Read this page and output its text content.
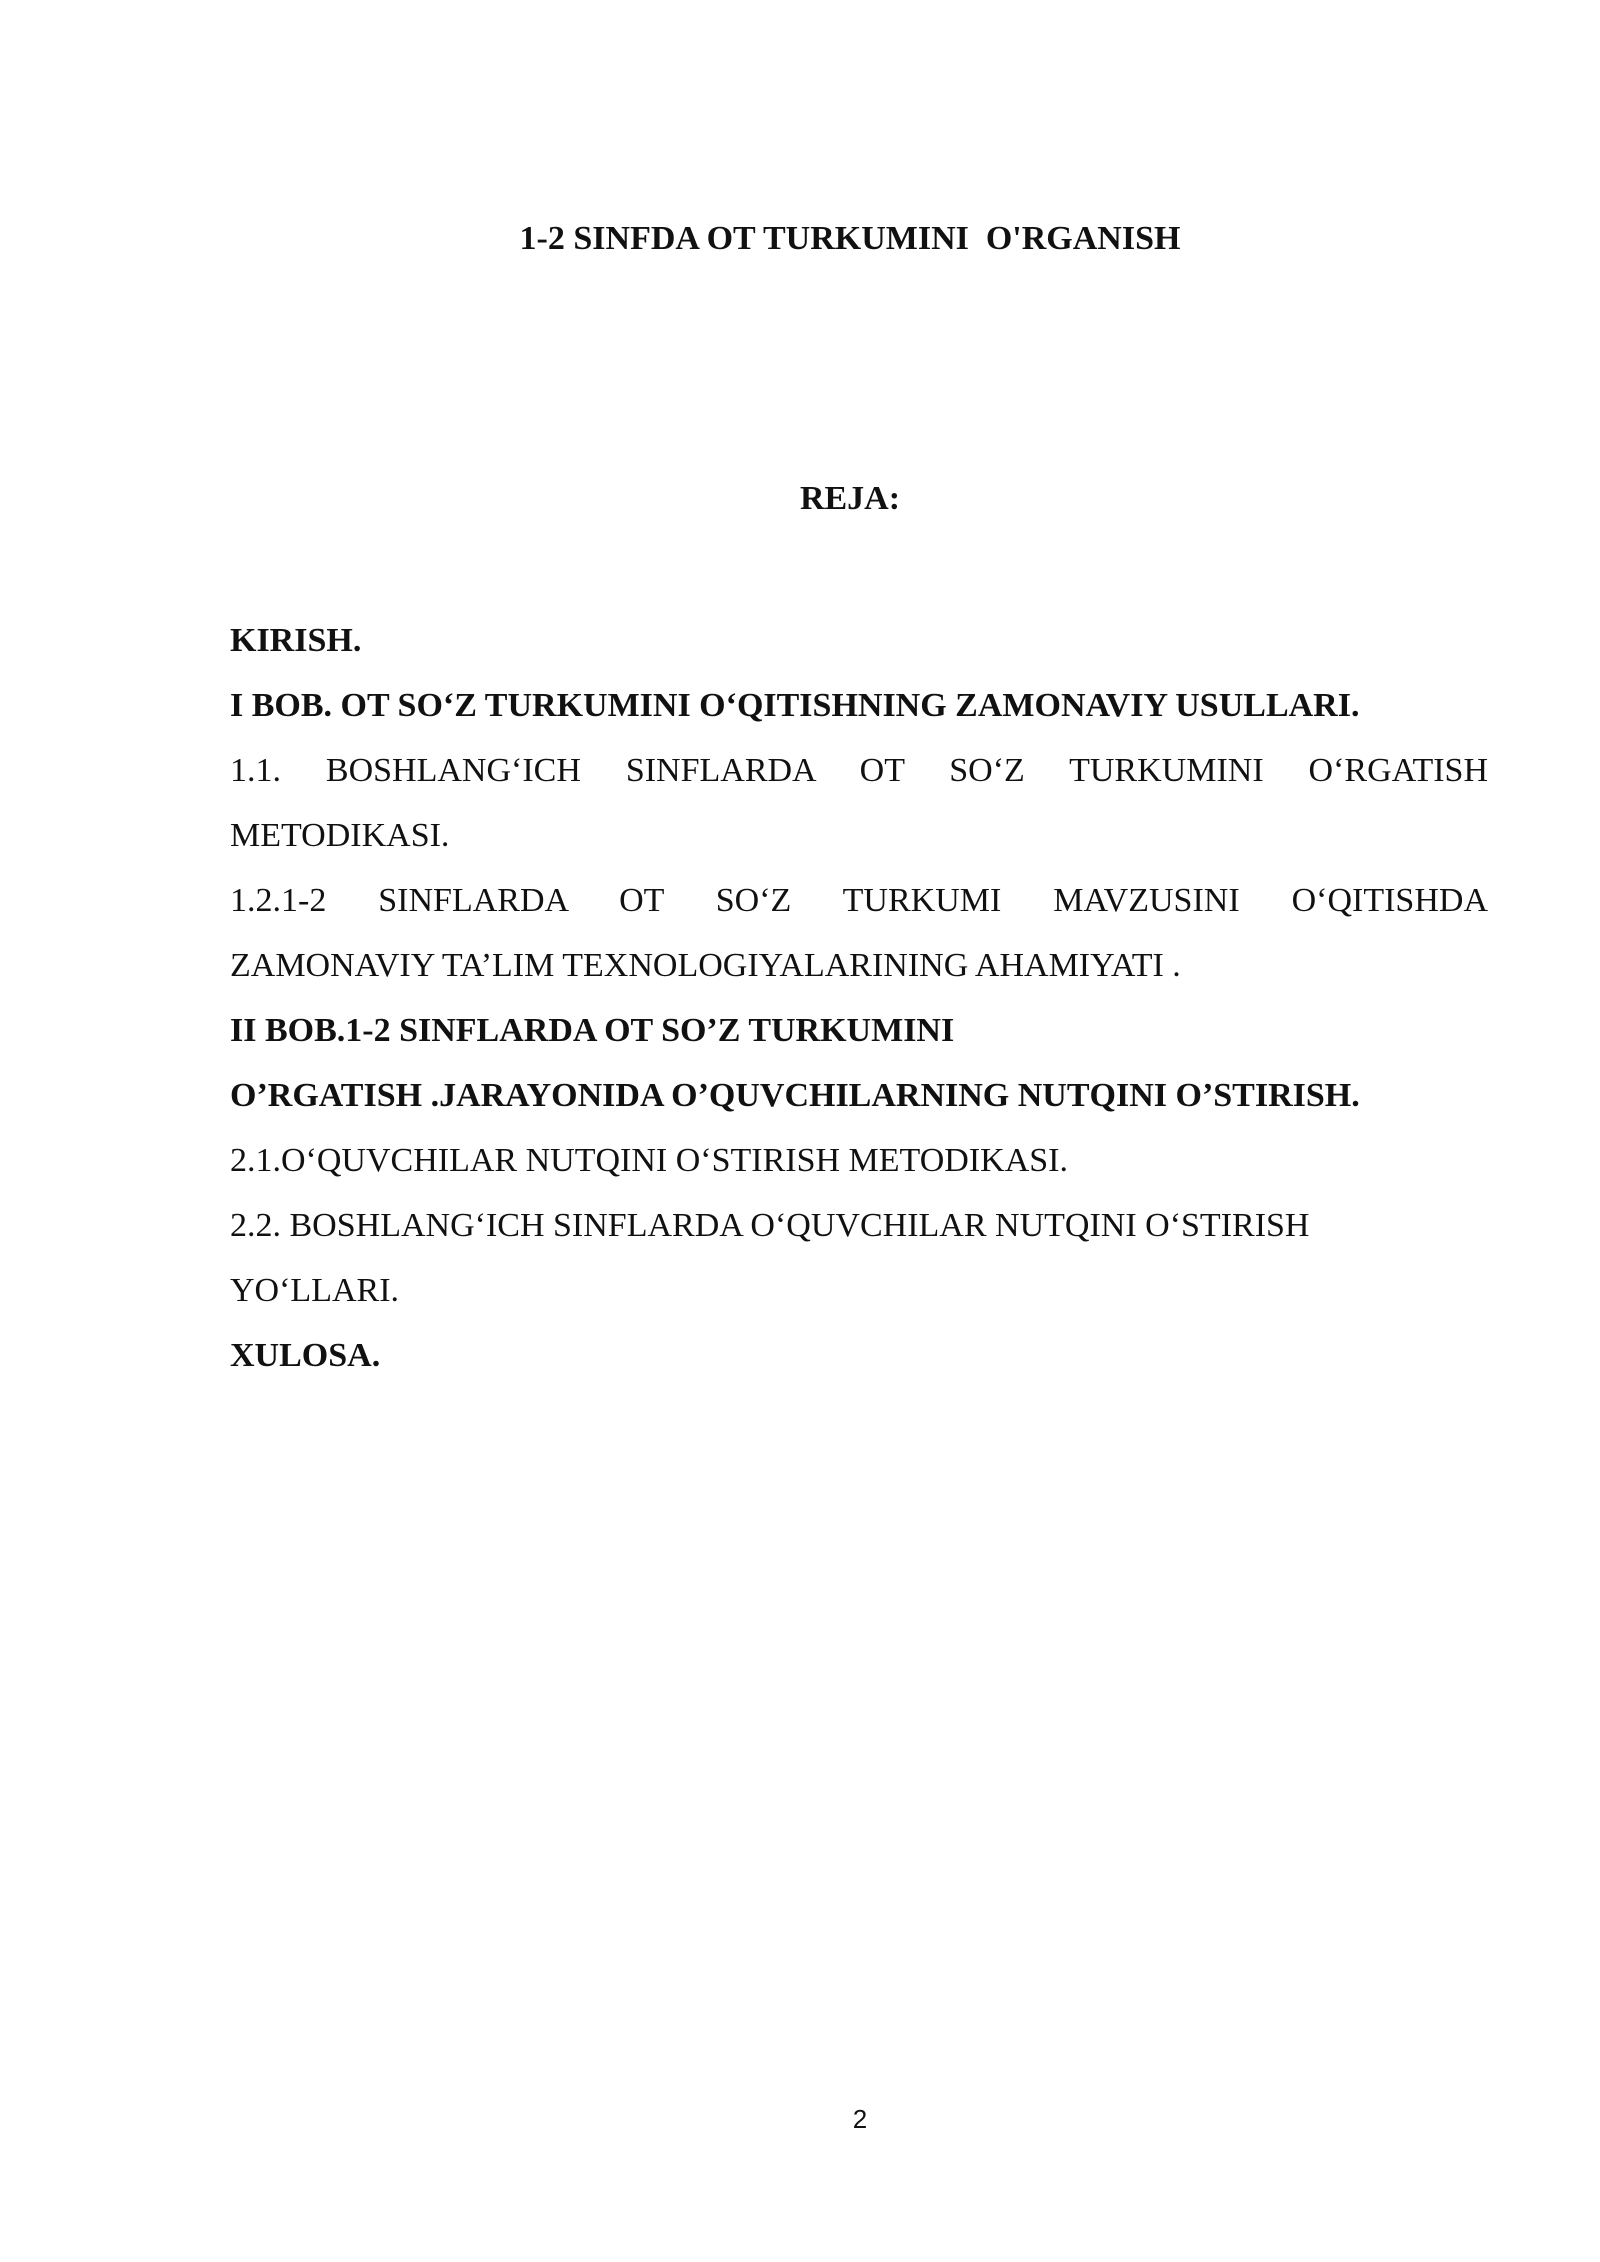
1-2 SINFDA OT TURKUMINI  O'RGANISH
REJA:
KIRISH.
I BOB. OT SO‘Z TURKUMINI O‘QITISHNING ZAMONAVIY USULLARI.
1.1. BOSHLANG‘ICH SINFLARDA OT SO‘Z TURKUMINI O‘RGATISH
METODIKASI.
1.2.1-2 SINFLARDA OT SO‘Z TURKUMI MAVZUSINI O‘QITISHDA
ZAMONAVIY TA’LIM TEXNOLOGIYALARINING AHAMIYATI .
II BOB.1-2 SINFLARDA OT SO’Z TURKUMINI
O’RGATISH .JARAYONIDA O’QUVCHILARNING NUTQINI O’STIRISH.
2.1.O‘QUVCHILAR NUTQINI O‘STIRISH METODIKASI.
2.2. BOSHLANG‘ICH SINFLARDA O‘QUVCHILAR NUTQINI O‘STIRISH
YO‘LLARI.
XULOSA.
2
